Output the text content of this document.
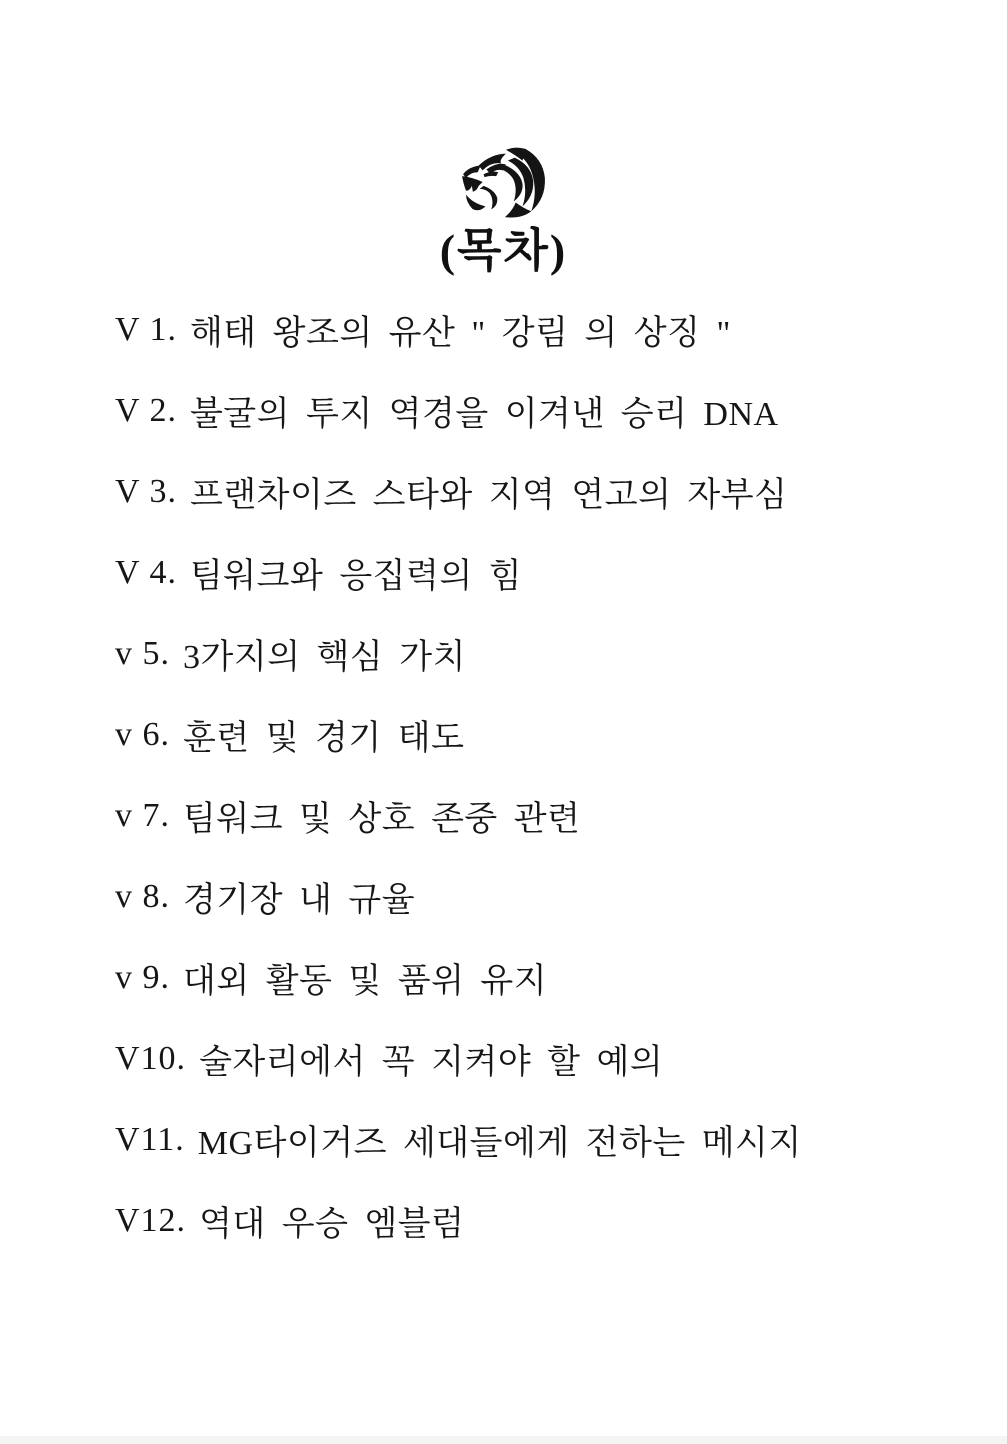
(목차)
V 1. 해태 왕조의 유산 " 강림 의 상징 "
V 2. 불굴의 투지 역경을 이겨낸 승리 DNA
V 3. 프랜차이즈 스타와 지역 연고의 자부심
V 4. 팀워크와 응집력의 힘
v 5. 3가지의 핵심 가치
v 6. 훈련 및 경기 태도
v 7. 팀워크 및 상호 존중 관련
v 8. 경기장 내 규율
v 9. 대외 활동 및 품위 유지
V10. 술자리에서 꼭 지켜야 할 예의
V11. MG타이거즈 세대들에게 전하는 메시지
V12. 역대 우승 엠블럼
